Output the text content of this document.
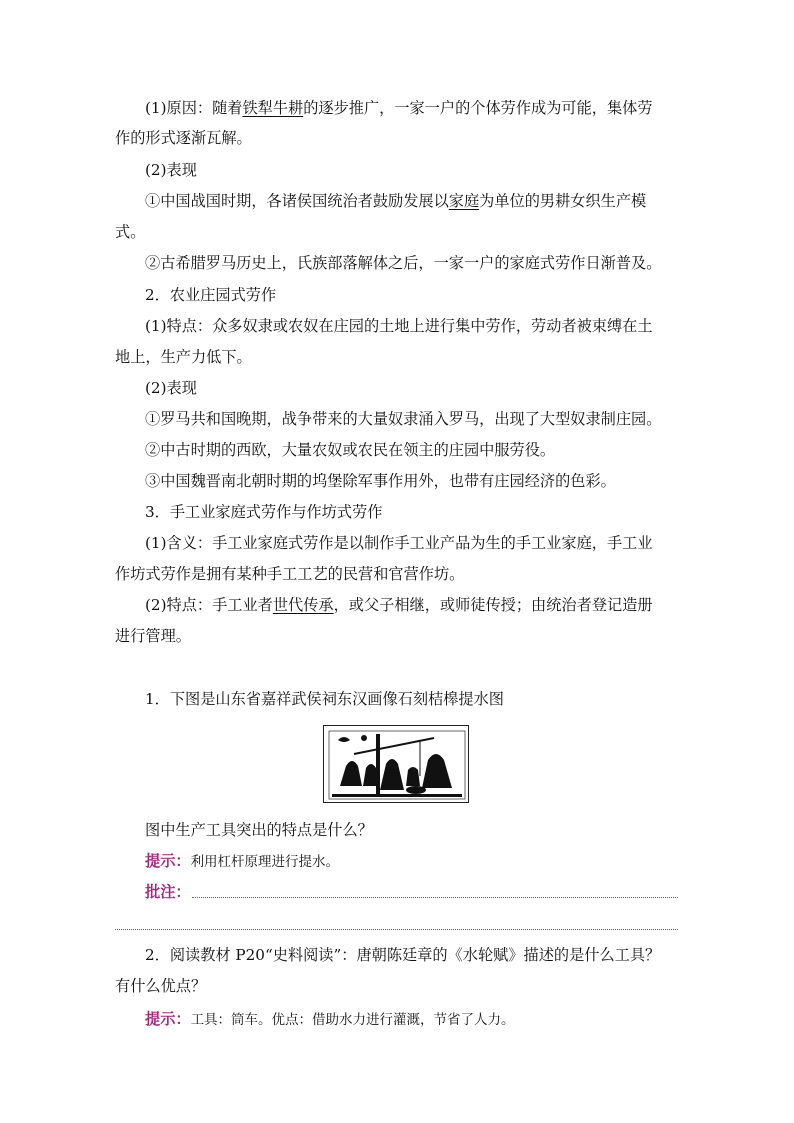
(1)原因：随着铁犁牛耕的逐步推广，一家一户的个体劳作成为可能，集体劳
作的形式逐渐瓦解。
(2)表现
①中国战国时期，各诸侯国统治者鼓励发展以家庭为单位的男耕女织生产模
式。
②古希腊罗马历史上，氏族部落解体之后，一家一户的家庭式劳作日渐普及。
2．农业庄园式劳作
(1)特点：众多奴隶或农奴在庄园的土地上进行集中劳作，劳动者被束缚在土
地上，生产力低下。
(2)表现
①罗马共和国晚期，战争带来的大量奴隶涌入罗马，出现了大型奴隶制庄园。
②中古时期的西欧，大量农奴或农民在领主的庄园中服劳役。
③中国魏晋南北朝时期的坞堡除军事作用外，也带有庄园经济的色彩。
3．手工业家庭式劳作与作坊式劳作
(1)含义：手工业家庭式劳作是以制作手工业产品为生的手工业家庭，手工业
作坊式劳作是拥有某种手工工艺的民营和官营作坊。
(2)特点：手工业者世代传承，或父子相继，或师徒传授；由统治者登记造册
进行管理。
1．下图是山东省嘉祥武侯祠东汉画像石刻桔槔提水图
图中生产工具突出的特点是什么？
提示：利用杠杆原理进行提水。
批注：
2．阅读教材 P20“史料阅读”：唐朝陈廷章的《水轮赋》描述的是什么工具？
有什么优点？
提示：工具：筒车。优点：借助水力进行灌溉，节省了人力。
